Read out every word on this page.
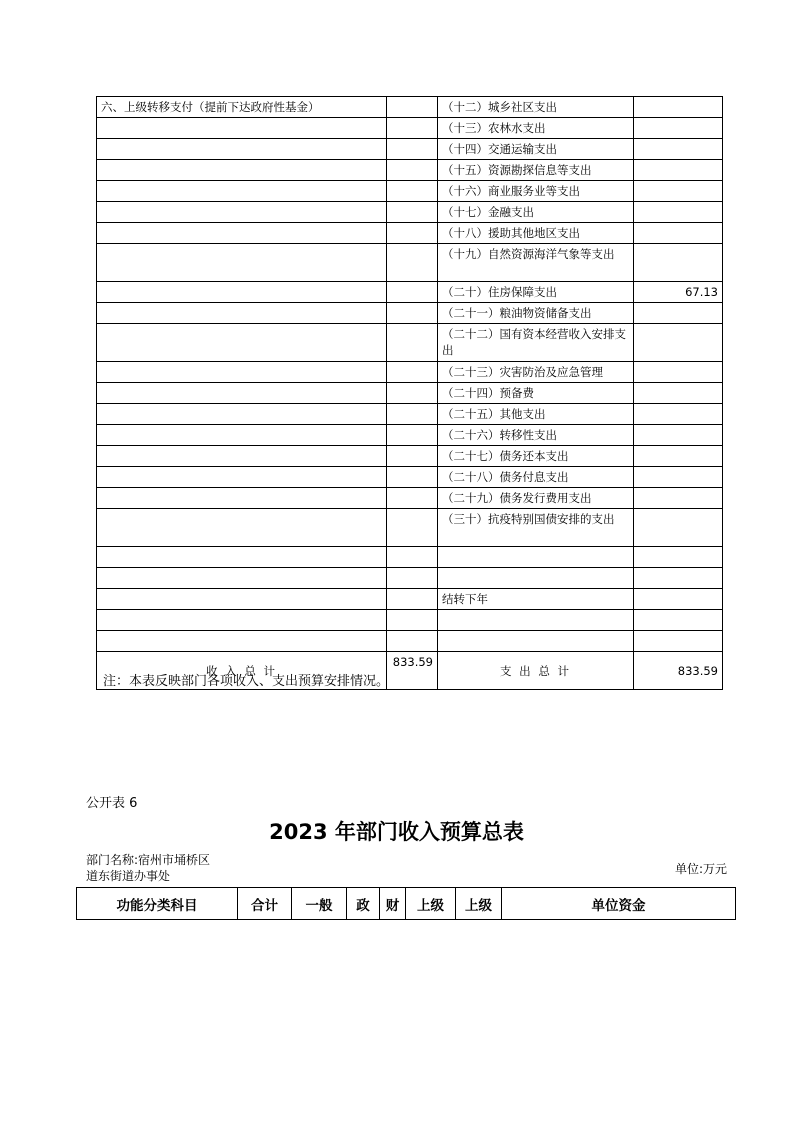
六、上级转移支付（提前下达政府性基金）		（十二）城乡社区支出	
		（十三）农林水支出	
		（十四）交通运输支出	
		（十五）资源勘探信息等支出	
		（十六）商业服务业等支出	
		（十七）金融支出	
		（十八）援助其他地区支出	
		（十九）自然资源海洋气象等支出	
		（二十）住房保障支出	67.13
		（二十一）粮油物资储备支出	
		（二十二）国有资本经营收入安排支出	
		（二十三）灾害防治及应急管理	
		（二十四）预备费	
		（二十五）其他支出	
		（二十六）转移性支出	
		（二十七）债务还本支出	
		（二十八）债务付息支出	
		（二十九）债务发行费用支出	
		（三十）抗疫特别国债安排的支出	

		结转下年	

收 入 总 计	833.59	支 出 总 计	833.59
注：本表反映部门各项收入、支出预算安排情况。
公开表 6
2023 年部门收入预算总表
部门名称:宿州市埇桥区
道东街道办事处	单位:万元
功能分类科目	合计	一般	政	财	上级	上级	单位资金
